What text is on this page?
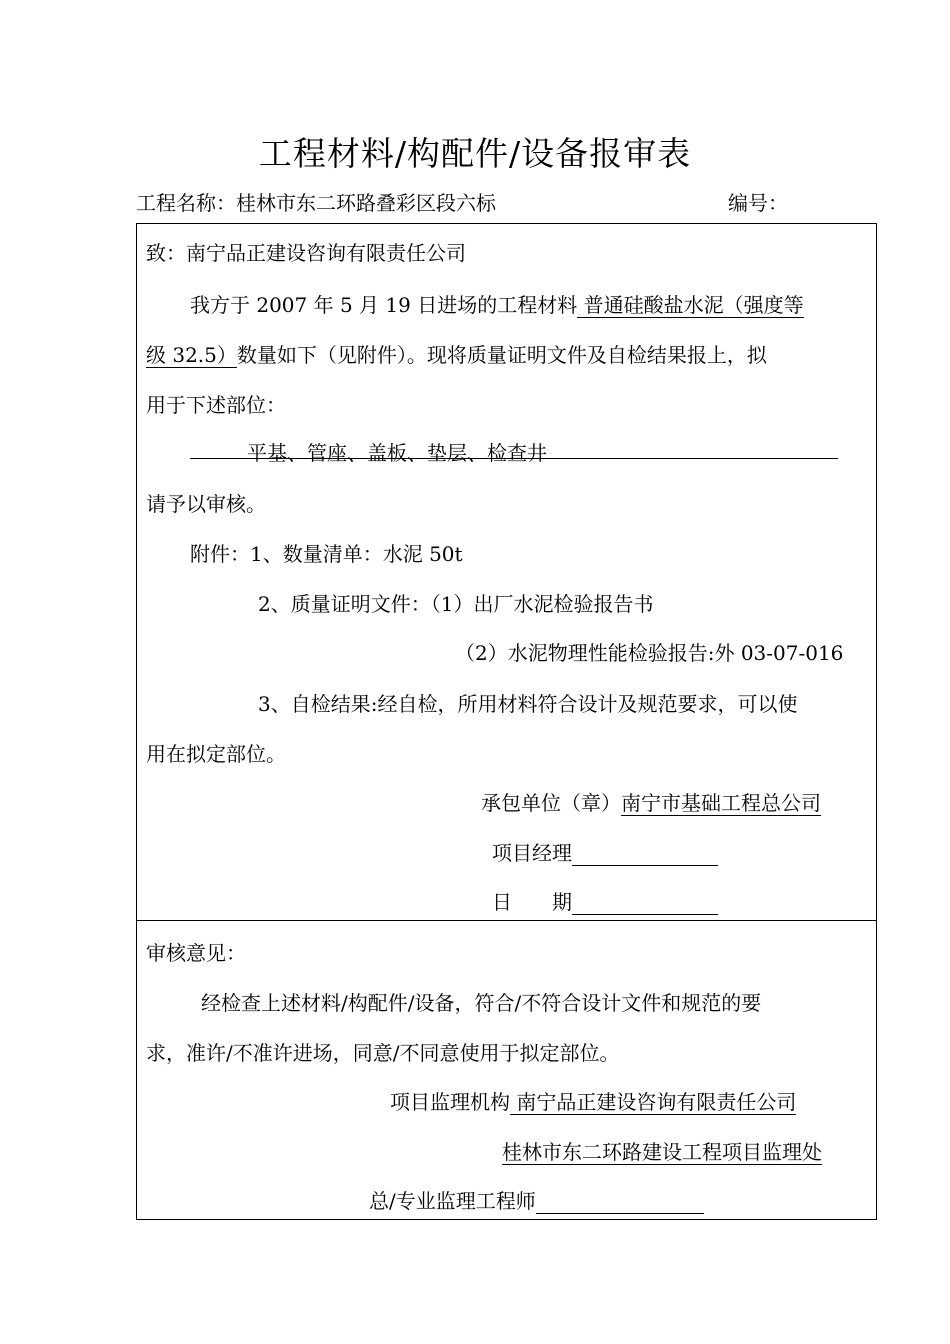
工程材料/构配件/设备报审表
工程名称：桂林市东二环路叠彩区段六标	编号：
致：南宁品正建设咨询有限责任公司
我方于 2007 年 5 月 19 日进场的工程材料 普通硅酸盐水泥（强度等
级 32.5）数量如下（见附件）。现将质量证明文件及自检结果报上，拟
用于下述部位：
平基、管座、盖板、垫层、检查井
请予以审核。
附件：1、数量清单：水泥 50t
2、质量证明文件：（1）出厂水泥检验报告书
（2）水泥物理性能检验报告:外 03-07-016
3、自检结果:经自检，所用材料符合设计及规范要求，可以使
用在拟定部位。
承包单位（章）南宁市基础工程总公司
项目经理
日　　期
审核意见：
经检查上述材料/构配件/设备，符合/不符合设计文件和规范的要
求，准许/不准许进场，同意/不同意使用于拟定部位。
项目监理机构 南宁品正建设咨询有限责任公司
桂林市东二环路建设工程项目监理处
总/专业监理工程师
